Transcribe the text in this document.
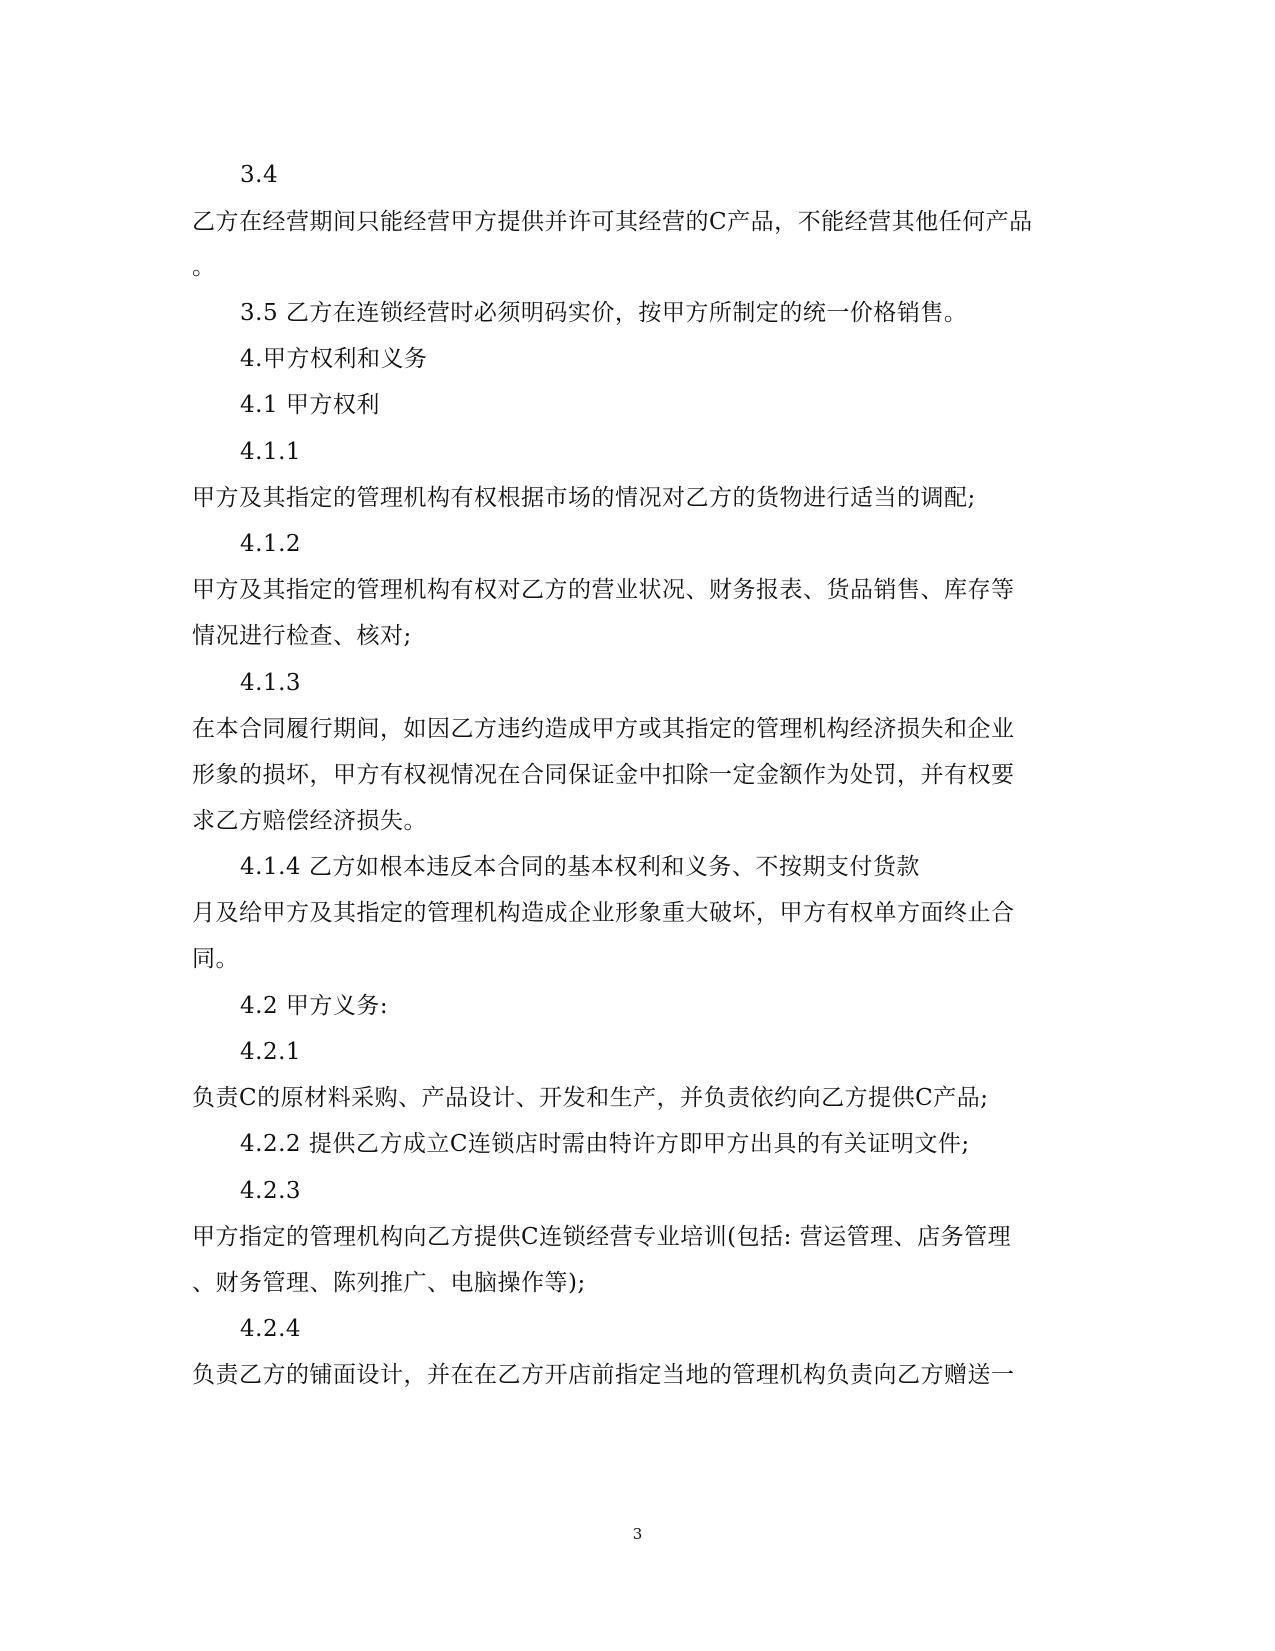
3.4
乙方在经营期间只能经营甲方提供并许可其经营的C产品，不能经营其他任何产品
。
3.5 乙方在连锁经营时必须明码实价，按甲方所制定的统一价格销售。
4.甲方权利和义务
4.1 甲方权利
4.1.1
甲方及其指定的管理机构有权根据市场的情况对乙方的货物进行适当的调配;
4.1.2
甲方及其指定的管理机构有权对乙方的营业状况、财务报表、货品销售、库存等
情况进行检查、核对;
4.1.3
在本合同履行期间，如因乙方违约造成甲方或其指定的管理机构经济损失和企业
形象的损坏，甲方有权视情况在合同保证金中扣除一定金额作为处罚，并有权要
求乙方赔偿经济损失。
4.1.4 乙方如根本违反本合同的基本权利和义务、不按期支付货款
月及给甲方及其指定的管理机构造成企业形象重大破坏，甲方有权单方面终止合
同。
4.2 甲方义务:
4.2.1
负责C的原材料采购、产品设计、开发和生产，并负责依约向乙方提供C产品;
4.2.2 提供乙方成立C连锁店时需由特许方即甲方出具的有关证明文件;
4.2.3
甲方指定的管理机构向乙方提供C连锁经营专业培训(包括: 营运管理、店务管理
、财务管理、陈列推广、电脑操作等);
4.2.4
负责乙方的铺面设计，并在在乙方开店前指定当地的管理机构负责向乙方赠送一
3
